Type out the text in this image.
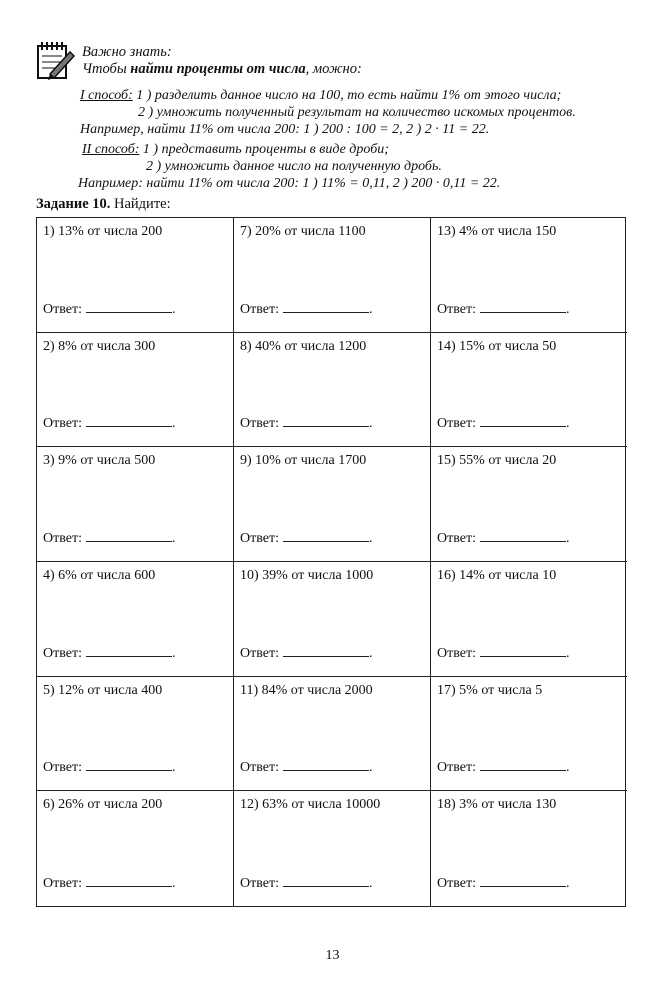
Важно знать:
Чтобы найти проценты от числа, можно:
I способ: 1 ) разделить данное число на 100, то есть найти 1% от этого числа;
2 ) умножить полученный результат на количество искомых процентов.
Например, найти 11% от числа 200: 1 ) 200 : 100 = 2, 2 ) 2 · 11 = 22.
II способ: 1 ) представить проценты в виде дроби;
2 ) умножить данное число на полученную дробь.
Например: найти 11% от числа 200: 1 ) 11% = 0,11, 2 ) 200 · 0,11 = 22.
Задание 10. Найдите:
1) 13% от числа 200
Ответ:	.
7) 20% от числа 1100
Ответ:	.
13) 4% от числа 150
Ответ:	.
2) 8% от числа 300
Ответ:	.
8) 40% от числа 1200
Ответ:	.
14) 15% от числа 50
Ответ:	.
3) 9% от числа 500
Ответ:	.
9) 10% от числа 1700
Ответ:	.
15) 55% от числа 20
Ответ:	.
4) 6% от числа 600
Ответ:	.
10) 39% от числа 1000
Ответ:	.
16) 14% от числа 10
Ответ:	.
5) 12% от числа 400
Ответ:	.
11) 84% от числа 2000
Ответ:	.
17) 5% от числа 5
Ответ:	.
6) 26% от числа 200
Ответ:	.
12) 63% от числа 10000
Ответ:	.
18) 3% от числа 130
Ответ:	.
13
